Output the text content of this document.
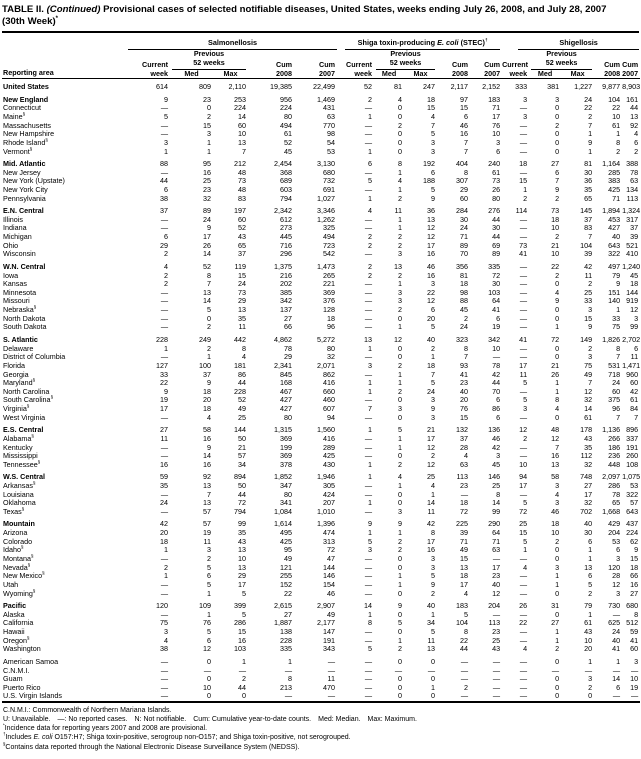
TABLE II. (Continued) Provisional cases of selected notifiable diseases, United States, weeks ending July 26, 2008, and July 28, 2007
(30th Week)*
Reporting area	Salmonellosis					Shiga toxin-producing E. coli (STEC)†					Shigellosis				

		Previous					Previous					Previous			
	Current	52 weeks		Cum	Cum	Current	52 weeks		Cum	Cum	Current	52 weeks		Cum	Cum
	week	Med	Max	2008	2007	week	Med	Max	2008	2007	week	Med	Max	2008	2007
United States	614	809	2,110	19,385	22,499	52	81	247	2,117	2,152	333	381	1,227	9,877	8,903
New England	9	23	253	956	1,469	2	4	18	97	183	3	3	24	104	161
Connecticut	—	0	224	224	431	—	0	15	15	71	—	0	22	22	44
Maine§	5	2	14	80	63	1	0	4	6	17	3	0	2	10	13
Massachusetts	—	15	60	494	770	—	2	7	46	76	—	2	7	61	92
New Hampshire	—	3	10	61	98	—	0	5	16	10	—	0	1	1	4
Rhode Island§	3	1	13	52	54	—	0	3	7	3	—	0	9	8	6
Vermont§	1	1	7	45	53	1	0	3	7	6	—	0	1	2	2
Mid. Atlantic	88	95	212	2,454	3,130	6	8	192	404	240	18	27	81	1,164	388
New Jersey	—	16	48	368	680	—	1	6	8	61	—	6	30	285	78
New York (Upstate)	44	25	73	689	732	5	4	188	307	73	15	7	36	383	63
New York City	6	23	48	603	691	—	1	5	29	26	1	9	35	425	134
Pennsylvania	38	32	83	794	1,027	1	2	9	60	80	2	2	65	71	113
E.N. Central	37	89	197	2,342	3,346	4	11	36	284	276	114	73	145	1,894	1,324
Illinois	—	24	60	612	1,262	—	1	13	30	44	—	18	37	453	317
Indiana	—	9	52	273	325	—	1	12	24	30	—	10	83	427	37
Michigan	6	17	43	445	494	2	2	12	71	44	—	2	7	40	39
Ohio	29	26	65	716	723	2	2	17	89	69	73	21	104	643	521
Wisconsin	2	14	37	296	542	—	3	16	70	89	41	10	39	322	410
W.N. Central	4	52	119	1,375	1,473	2	13	46	356	335	—	22	42	497	1,240
Iowa	2	8	15	216	265	2	2	16	81	72	—	2	11	79	45
Kansas	2	7	24	202	221	—	1	3	18	30	—	0	2	9	18
Minnesota	—	13	73	385	369	—	3	22	98	103	—	4	25	151	144
Missouri	—	14	29	342	376	—	3	12	88	64	—	9	33	140	919
Nebraska§	—	5	13	137	128	—	2	6	45	41	—	0	3	1	12
North Dakota	—	0	35	27	18	—	0	20	2	6	—	0	15	33	3
South Dakota	—	2	11	66	96	—	1	5	24	19	—	1	9	75	99
S. Atlantic	228	249	442	4,862	5,272	13	12	40	323	342	41	72	149	1,826	2,702
Delaware	1	2	8	78	80	1	0	2	8	10	—	0	2	8	6
District of Columbia	—	1	4	29	32	—	0	1	7	—	—	0	3	7	11
Florida	127	100	181	2,341	2,071	3	2	18	93	78	17	21	75	531	1,471
Georgia	33	37	86	845	862	—	1	7	41	42	11	26	49	718	960
Maryland§	22	9	44	168	416	1	1	5	23	44	5	1	7	24	60
North Carolina	9	18	228	467	660	1	2	24	40	70	—	1	12	60	42
South Carolina§	19	20	52	427	460	—	0	3	20	6	5	8	32	375	61
Virginia§	17	18	49	427	607	7	3	9	76	86	3	4	14	96	84
West Virginia	—	4	25	80	94	—	0	3	15	6	—	0	61	7	7
E.S. Central	27	58	144	1,315	1,560	1	5	21	132	136	12	48	178	1,136	896
Alabama§	11	16	50	369	416	—	1	17	37	46	2	12	43	266	337
Kentucky	—	9	21	199	289	—	1	12	28	42	—	7	35	186	191
Mississippi	—	14	57	369	425	—	0	2	4	3	—	16	112	236	260
Tennessee§	16	16	34	378	430	1	2	12	63	45	10	13	32	448	108
W.S. Central	59	92	894	1,852	1,946	1	4	25	113	146	94	58	748	2,097	1,075
Arkansas§	35	13	50	347	305	—	1	4	23	25	17	3	27	286	53
Louisiana	—	7	44	80	424	—	0	1	—	8	—	4	17	78	322
Oklahoma	24	13	72	341	207	1	0	14	18	14	5	3	32	65	57
Texas§	—	57	794	1,084	1,010	—	3	11	72	99	72	46	702	1,668	643
Mountain	42	57	99	1,614	1,396	9	9	42	225	290	25	18	40	429	437
Arizona	20	19	35	495	474	1	1	8	39	64	15	10	30	204	224
Colorado	18	11	43	425	313	5	2	17	71	71	5	2	6	53	62
Idaho§	1	3	13	95	72	3	2	16	49	63	1	0	1	6	9
Montana§	—	2	10	49	47	—	0	3	15	—	—	0	1	3	15
Nevada§	2	5	13	121	144	—	0	3	13	17	4	3	13	120	18
New Mexico§	1	6	29	255	146	—	1	5	18	23	—	1	6	28	66
Utah	—	5	17	152	154	—	1	9	17	40	—	1	5	12	16
Wyoming§	—	1	5	22	46	—	0	2	4	12	—	0	2	3	27
Pacific	120	109	399	2,615	2,907	14	9	40	183	204	26	31	79	730	680
Alaska	—	1	5	27	49	1	0	1	5	—	—	0	1	—	8
California	75	76	286	1,887	2,177	8	5	34	104	113	22	27	61	625	512
Hawaii	3	5	15	138	147	—	0	5	8	23	—	1	43	24	59
Oregon§	4	6	16	228	191	—	1	11	22	25	—	1	10	40	41
Washington	38	12	103	335	343	5	2	13	44	43	4	2	20	41	60
American Samoa	—	0	1	1	—	—	0	0	—	—	—	0	1	1	3
C.N.M.I.	—	—	—	—	—	—	—	—	—	—	—	—	—	—	—
Guam	—	0	2	8	11	—	0	0	—	—	—	0	3	14	10
Puerto Rico	—	10	44	213	470	—	0	1	2	—	—	0	2	6	19
U.S. Virgin Islands	—	0	0	—	—	—	0	0	—	—	—	0	0	—	—
C.N.M.I.: Commonwealth of Northern Mariana Islands.
U: Unavailable. —: No reported cases. N: Not notifiable. Cum: Cumulative year-to-date counts. Med: Median. Max: Maximum.
*Incidence data for reporting years 2007 and 2008 are provisional.
†Includes E. coli O157:H7; Shiga toxin-positive, serogroup non-O157; and Shiga toxin-positive, not serogrouped.
§Contains data reported through the National Electronic Disease Surveillance System (NEDSS).
